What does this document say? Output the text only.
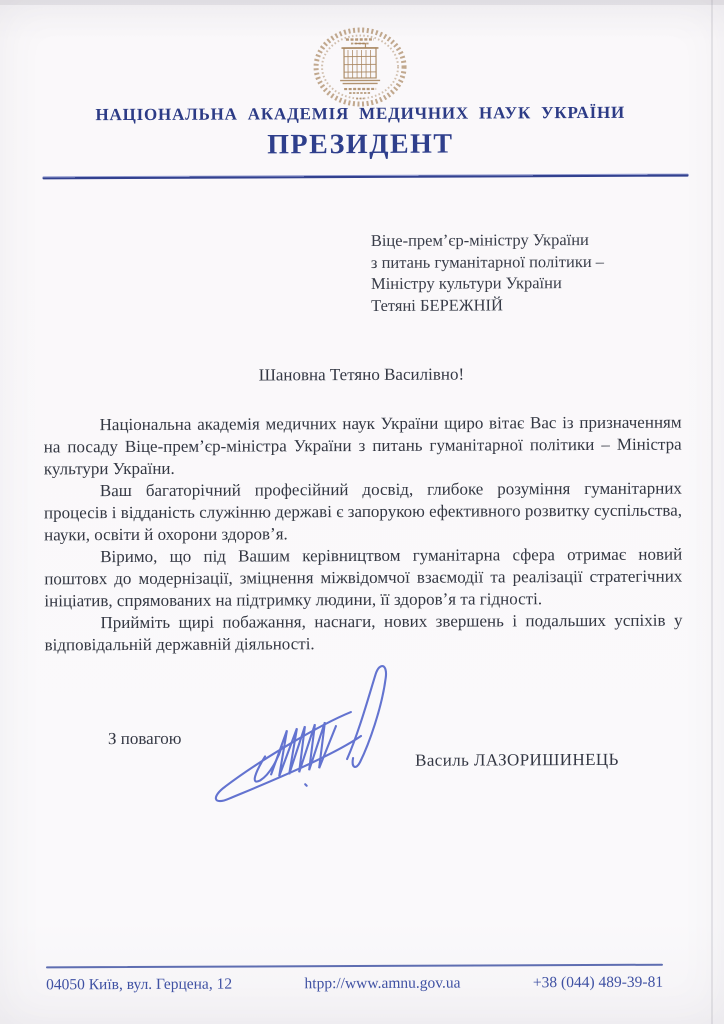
НАЦІОНАЛЬНА АКАДЕМІЯ МЕДИЧНИХ НАУК УКРАЇНИ
ПРЕЗИДЕНТ
Віце-прем’єр-міністру України
з питань гуманітарної політики –
Міністру культури України
Тетяні БЕРЕЖНІЙ
Шановна Тетяно Василівно!

Національна академія медичних наук України щиро вітає Вас із призначенням на посаду Віце-прем’єр-міністра України з питань гуманітарної політики – Міністра культури України.

Ваш багаторічний професійний досвід, глибоке розуміння гуманітарних процесів і відданість служінню державі є запорукою ефективного розвитку суспільства, науки, освіти й охорони здоров’я.

Віримо, що під Вашим керівництвом гуманітарна сфера отримає новий поштовх до модернізації, зміцнення міжвідомчої взаємодії та реалізації стратегічних ініціатив, спрямованих на підтримку людини, її здоров’я та гідності.

Прийміть щирі побажання, наснаги, нових звершень і подальших успіхів у відповідальній державній діяльності.

З повагою
Василь ЛАЗОРИШИНЕЦЬ
04050 Київ, вул. Герцена, 12	htpp://www.amnu.gov.ua	+38 (044) 489-39-81
